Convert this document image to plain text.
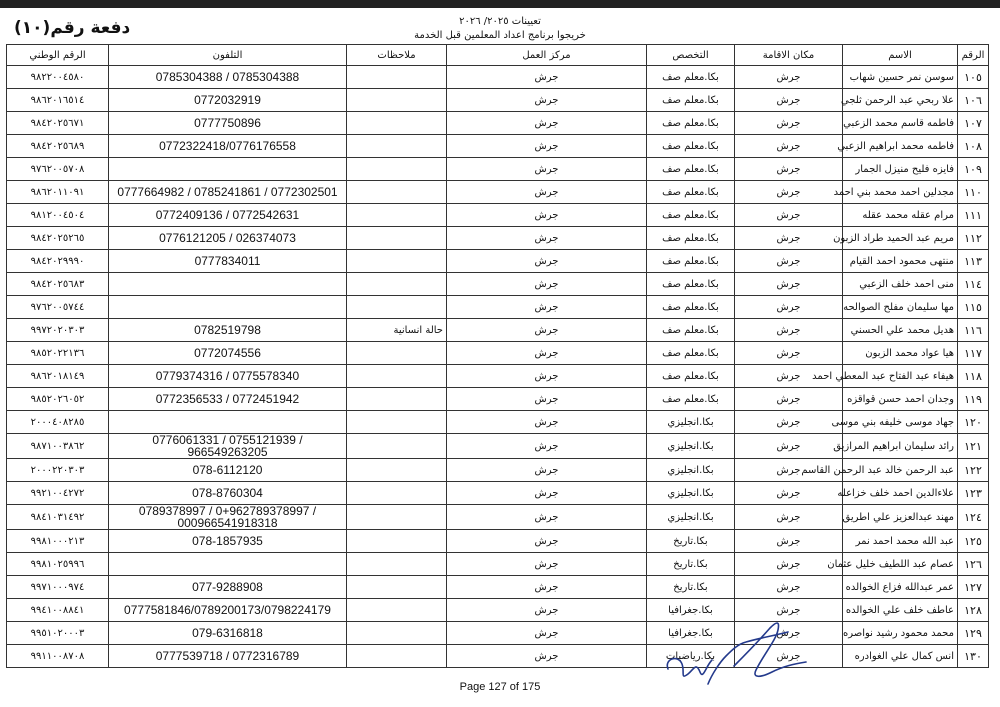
تعيينات ٢٠٢٥/ ٢٠٢٦
خريجوا برنامج اعداد المعلمين قبل الخدمة
دفعة رقم(١٠)
الرقم الوطني	التلفون	ملاحظات	مركز العمل	التخصص	مكان الاقامة	الاسم	الرقم
٩٨٢٢٠٠٤٥٨٠	0785304388 / 0785304388		جرش	بكا.معلم صف	جرش	سوسن نمر حسين شهاب	١٠٥
٩٨٦٢٠١٦٥١٤	0772032919		جرش	بكا.معلم صف	جرش	علا ربحي عبد الرحمن ثلجي	١٠٦
٩٨٤٢٠٢٥٦٧١	0777750896		جرش	بكا.معلم صف	جرش	فاطمه قاسم محمد الزعبي	١٠٧
٩٨٤٢٠٢٥٦٨٩	0772322418/0776176558		جرش	بكا.معلم صف	جرش	فاطمه محمد ابراهيم الزعبي	١٠٨
٩٧٦٢٠٠٥٧٠٨			جرش	بكا.معلم صف	جرش	فايزه فليح منيزل الجمار	١٠٩
٩٨٦٢٠١١٠٩١	0777664982 / 0785241861 / 0772302501		جرش	بكا.معلم صف	جرش	مجدلين احمد محمد بني احمد	١١٠
٩٨١٢٠٠٤٥٠٤	0772409136 / 0772542631		جرش	بكا.معلم صف	جرش	مرام عقله محمد عقله	١١١
٩٨٤٢٠٢٥٢٦٥	0776121205 / 026374073		جرش	بكا.معلم صف	جرش	مريم عبد الحميد طراد الزبون	١١٢
٩٨٤٢٠٢٩٩٩٠	0777834011		جرش	بكا.معلم صف	جرش	منتهى محمود احمد القيام	١١٣
٩٨٤٢٠٢٥٦٨٣			جرش	بكا.معلم صف	جرش	منى احمد خلف الزعبي	١١٤
٩٧٦٢٠٠٥٧٤٤			جرش	بكا.معلم صف	جرش	مها سليمان مفلح الصوالحه	١١٥
٩٩٧٢٠٢٠٣٠٣	0782519798	حالة انسانية	جرش	بكا.معلم صف	جرش	هديل محمد علي الحسني	١١٦
٩٨٥٢٠٢٢١٣٦	0772074556		جرش	بكا.معلم صف	جرش	هيا عواد محمد الزبون	١١٧
٩٨٦٢٠١٨١٤٩	0779374316 / 0775578340		جرش	بكا.معلم صف	جرش	هيفاء عبد الفتاح عبد المعطي احمد	١١٨
٩٨٥٢٠٢٦٠٥٢	0772356533 / 0772451942		جرش	بكا.معلم صف	جرش	وجدان احمد حسن قواقزه	١١٩
٢٠٠٠٤٠٨٢٨٥			جرش	بكا.انجليزي	جرش	جهاد موسى خليفه بني موسى	١٢٠
٩٨٧١٠٠٣٨٦٢	0776061331 / 0755121939 / 966549263205		جرش	بكا.انجليزي	جرش	رائد سليمان ابراهيم المرازيق	١٢١
٢٠٠٠٢٢٠٣٠٣	078-6112120		جرش	بكا.انجليزي	جرش	عبد الرحمن خالد عبد الرحمن القاسم	١٢٢
٩٩٢١٠٠٤٢٧٢	078-8760304		جرش	بكا.انجليزي	جرش	علاءالدين احمد خلف خزاعله	١٢٣
٩٨٤١٠٣١٤٩٢	0789378997 / 0+962789378997 / 000966541918318		جرش	بكا.انجليزي	جرش	مهند عبدالعزيز علي اطريق	١٢٤
٩٩٨١٠٠٠٢١٣	078-1857935		جرش	بكا.تاريخ	جرش	عبد الله محمد احمد نمر	١٢٥
٩٩٨١٠٢٥٩٩٦			جرش	بكا.تاريخ	جرش	عصام عبد اللطيف خليل عثمان	١٢٦
٩٩٧١٠٠٠٩٧٤	077-9288908		جرش	بكا.تاريخ	جرش	عمر عبدالله فزاع الخوالده	١٢٧
٩٩٤١٠٠٨٨٤١	0777581846/0789200173/0798224179		جرش	بكا.جغرافيا	جرش	عاطف خلف علي الخوالده	١٢٨
٩٩٥١٠٢٠٠٠٣	079-6316818		جرش	بكا.جغرافيا	جرش	محمد محمود رشيد نواصره	١٢٩
٩٩١١٠٠٨٧٠٨	0777539718 / 0772316789		جرش	بكا.رياضيات	جرش	انس كمال علي الغوادره	١٣٠
Page 127 of 175
